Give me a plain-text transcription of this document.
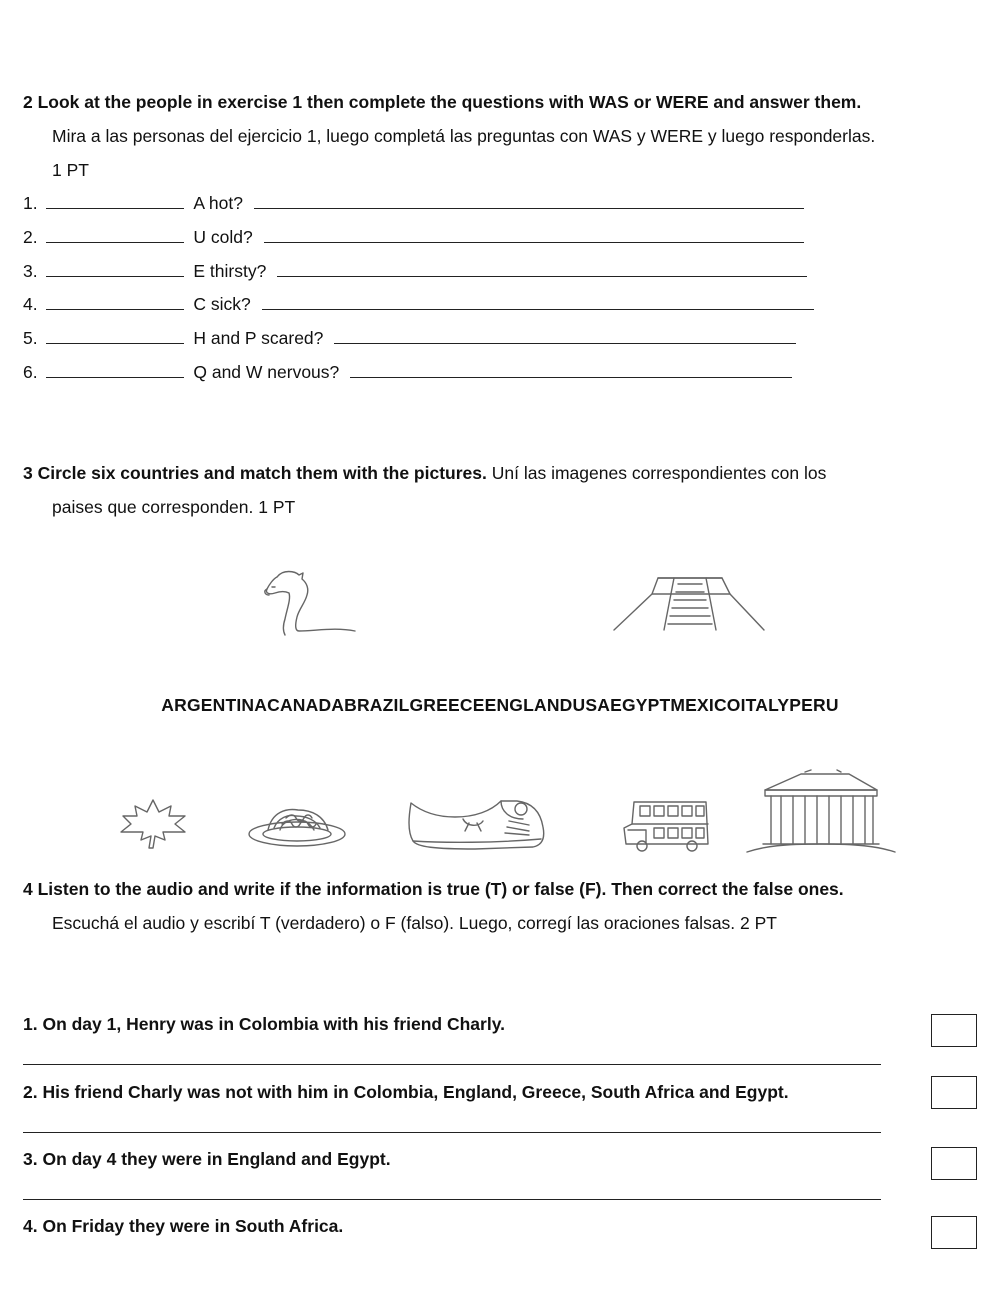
2 Look at the people in exercise 1 then complete the questions with WAS or WERE and answer them.
Mira a las personas del ejercicio 1, luego completá las preguntas con WAS y WERE y luego responderlas.
1 PT
1.	A hot?
2.	U cold?
3.	E thirsty?
4.	C sick?
5.	H and P scared?
6.	Q and W nervous?
3 Circle six countries and match them with the pictures. Uní las imagenes correspondientes con los
paises que corresponden. 1 PT
ARGENTINACANADABRAZILGREECEENGLANDUSAEGYPTMEXICOITALYPERU
4 Listen to the audio and write if the information is true (T) or false (F). Then correct the false ones.
Escuchá el audio y escribí T (verdadero) o F (falso). Luego, corregí las oraciones falsas. 2 PT
1. On day 1, Henry was in Colombia with his friend Charly.
2. His friend Charly was not with him in Colombia, England, Greece, South Africa and Egypt.
3. On day 4 they were in England and Egypt.
4. On Friday they were in South Africa.
